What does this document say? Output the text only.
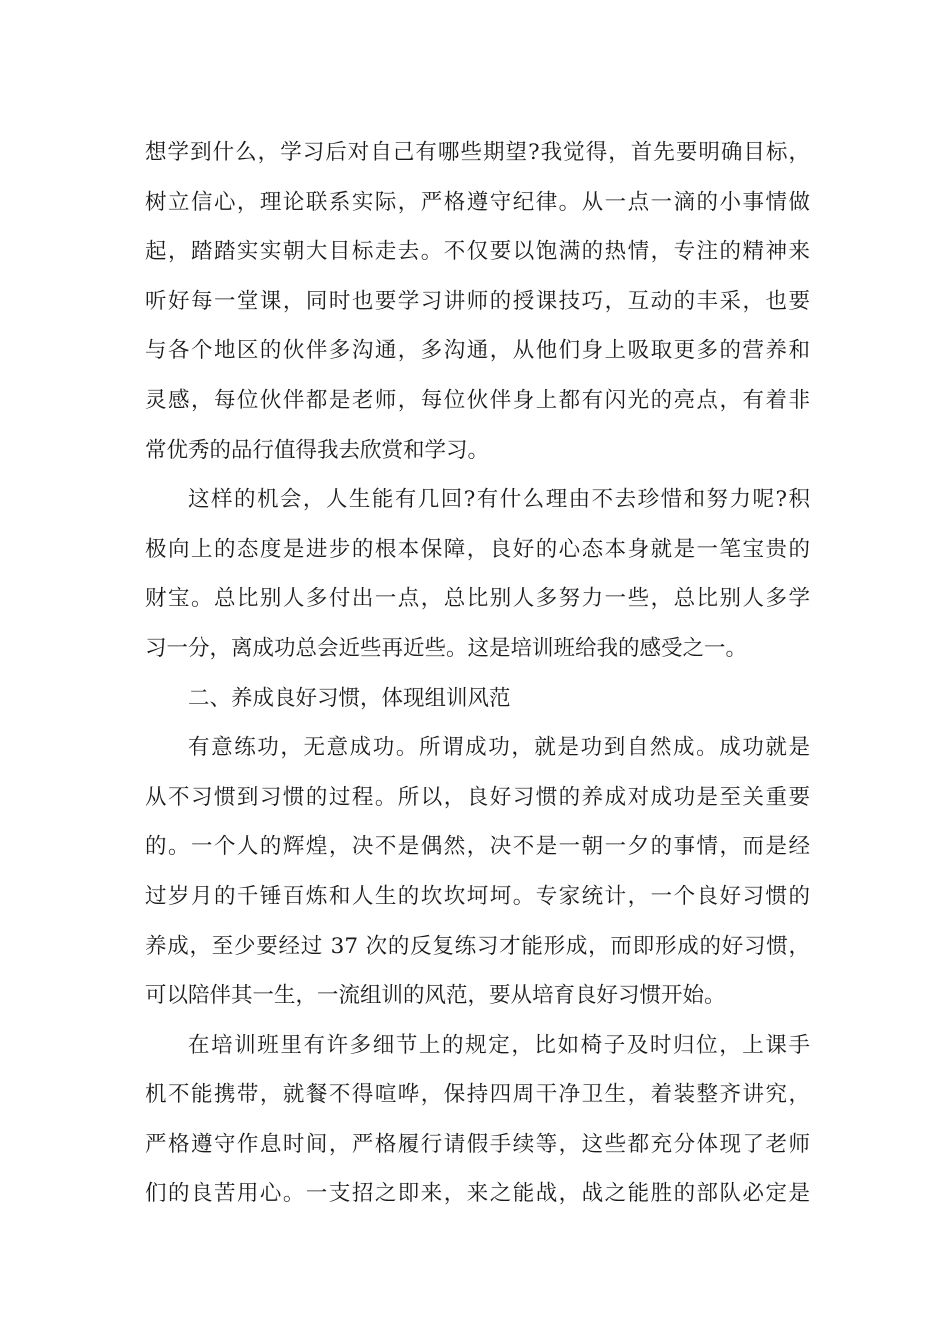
想学到什么，学习后对自己有哪些期望?我觉得，首先要明确目标，
树立信心，理论联系实际，严格遵守纪律。从一点一滴的小事情做
起，踏踏实实朝大目标走去。不仅要以饱满的热情，专注的精神来
听好每一堂课，同时也要学习讲师的授课技巧，互动的丰采，也要
与各个地区的伙伴多沟通，多沟通，从他们身上吸取更多的营养和
灵感，每位伙伴都是老师，每位伙伴身上都有闪光的亮点，有着非
常优秀的品行值得我去欣赏和学习。
这样的机会，人生能有几回?有什么理由不去珍惜和努力呢?积
极向上的态度是进步的根本保障，良好的心态本身就是一笔宝贵的
财宝。总比别人多付出一点，总比别人多努力一些，总比别人多学
习一分，离成功总会近些再近些。这是培训班给我的感受之一。
二、养成良好习惯，体现组训风范
有意练功，无意成功。所谓成功，就是功到自然成。成功就是
从不习惯到习惯的过程。所以，良好习惯的养成对成功是至关重要
的。一个人的辉煌，决不是偶然，决不是一朝一夕的事情，而是经
过岁月的千锤百炼和人生的坎坎坷坷。专家统计，一个良好习惯的
养成，至少要经过 37 次的反复练习才能形成，而即形成的好习惯，
可以陪伴其一生，一流组训的风范，要从培育良好习惯开始。
在培训班里有许多细节上的规定，比如椅子及时归位，上课手
机不能携带，就餐不得喧哗，保持四周干净卫生，着装整齐讲究，
严格遵守作息时间，严格履行请假手续等，这些都充分体现了老师
们的良苦用心。一支招之即来，来之能战，战之能胜的部队必定是
